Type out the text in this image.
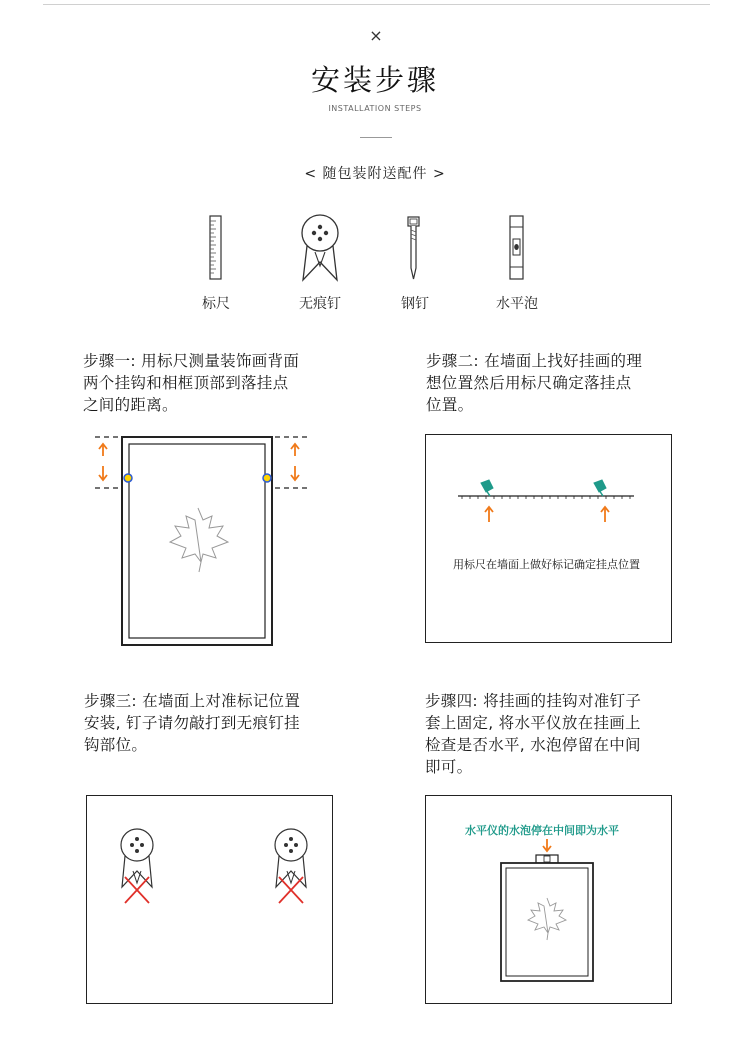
×
安装步骤
INSTALLATION STEPS
< 随包装附送配件 >
标尺	无痕钉	钢钉	水平泡
步骤一: 用标尺测量装饰画背面
两个挂钩和相框顶部到落挂点
之间的距离。
步骤二: 在墙面上找好挂画的理
想位置然后用标尺确定落挂点
位置。
用标尺在墙面上做好标记确定挂点位置
步骤三: 在墙面上对准标记位置
安装, 钉子请勿敲打到无痕钉挂
钩部位。
步骤四: 将挂画的挂钩对准钉子
套上固定, 将水平仪放在挂画上
检查是否水平, 水泡停留在中间
即可。
水平仪的水泡停在中间即为水平
